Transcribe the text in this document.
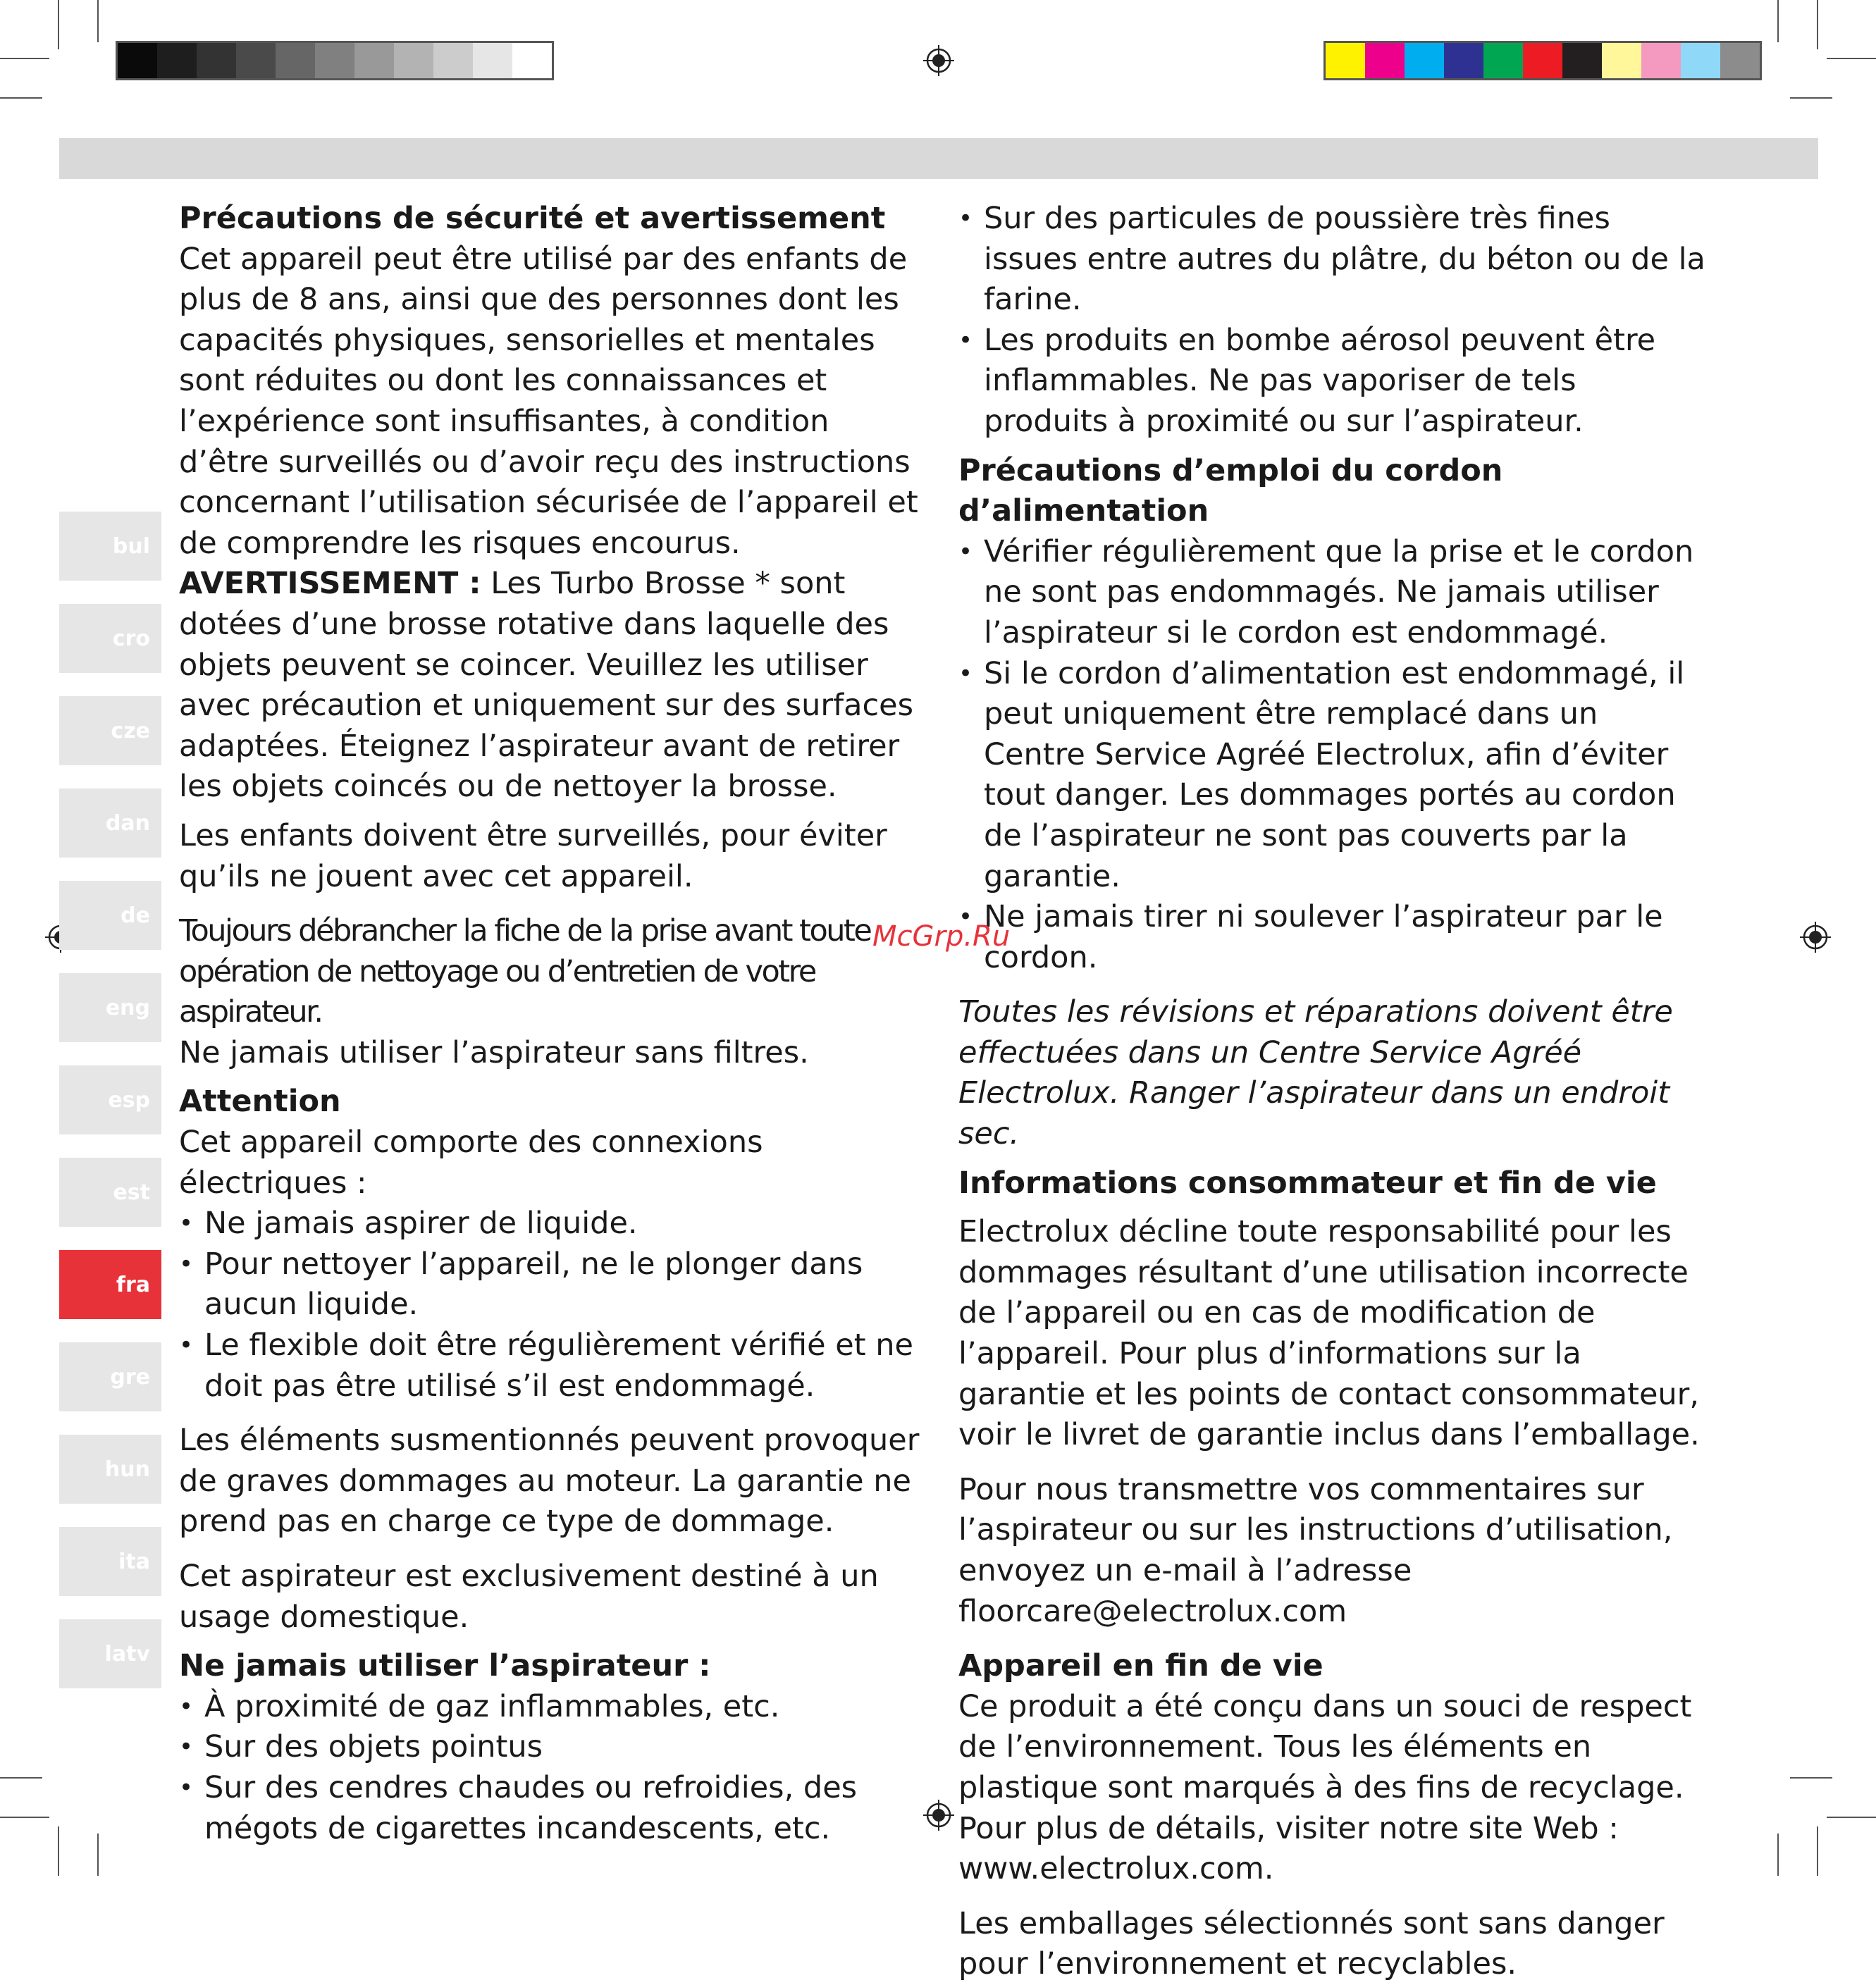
bul
cro
cze
dan
de
eng
esp
est
fra
gre
hun
ita
latv
Précautions de sécurité et avertissement

Cet appareil peut être utilisé par des enfants de plus de 8 ans, ainsi que des personnes dont les capacités physiques, sensorielles et mentales sont réduites ou dont les connaissances et l’expérience sont insuffisantes, à condition d’être surveillés ou d’avoir reçu des instructions concernant l’utilisation sécurisée de l’appareil et de comprendre les risques encourus.

AVERTISSEMENT : Les Turbo Brosse * sont dotées d’une brosse rotative dans laquelle des objets peuvent se coincer. Veuillez les utiliser avec précaution et uniquement sur des surfaces adaptées. Éteignez l’aspirateur avant de retirer les objets coincés ou de nettoyer la brosse.

Les enfants doivent être surveillés, pour éviter qu’ils ne jouent avec cet appareil.

Toujours débrancher la fiche de la prise avant toute opération de nettoyage ou d’entretien de votre aspirateur.

Ne jamais utiliser l’aspirateur sans filtres.

Attention

Cet appareil comporte des connexions électriques :

• Ne jamais aspirer de liquide.
• Pour nettoyer l’appareil, ne le plonger dans aucun liquide.
• Le flexible doit être régulièrement vérifié et ne doit pas être utilisé s’il est endommagé.

Les éléments susmentionnés peuvent provoquer de graves dommages au moteur. La garantie ne prend pas en charge ce type de dommage.

Cet aspirateur est exclusivement destiné à un usage domestique.

Ne jamais utiliser l’aspirateur :
• À proximité de gaz inflammables, etc.
• Sur des objets pointus
• Sur des cendres chaudes ou refroidies, des mégots de cigarettes incandescents, etc.
• Sur des particules de poussière très fines issues entre autres du plâtre, du béton ou de la farine.
• Les produits en bombe aérosol peuvent être inflammables. Ne pas vaporiser de tels produits à proximité ou sur l’aspirateur.
Précautions d’emploi du cordon d’alimentation
• Vérifier régulièrement que la prise et le cordon ne sont pas endommagés. Ne jamais utiliser l’aspirateur si le cordon est endommagé.
• Si le cordon d’alimentation est endommagé, il peut uniquement être remplacé dans un Centre Service Agréé Electrolux, afin d’éviter tout danger. Les dommages portés au cordon de l’aspirateur ne sont pas couverts par la garantie.
• Ne jamais tirer ni soulever l’aspirateur par le cordon.

Toutes les révisions et réparations doivent être effectuées dans un Centre Service Agréé Electrolux. Ranger l’aspirateur dans un endroit sec.

Informations consommateur et fin de vie

Electrolux décline toute responsabilité pour les dommages résultant d’une utilisation incorrecte de l’appareil ou en cas de modification de l’appareil. Pour plus d’informations sur la garantie et les points de contact consommateur, voir le livret de garantie inclus dans l’emballage.

Pour nous transmettre vos commentaires sur l’aspirateur ou sur les instructions d’utilisation, envoyez un e-mail à l’adresse floorcare@electrolux.com

Appareil en fin de vie

Ce produit a été conçu dans un souci de respect de l’environnement. Tous les éléments en plastique sont marqués à des fins de recyclage. Pour plus de détails, visiter notre site Web : www.electrolux.com.

Les emballages sélectionnés sont sans danger pour l’environnement et recyclables.

McGrp.Ru
